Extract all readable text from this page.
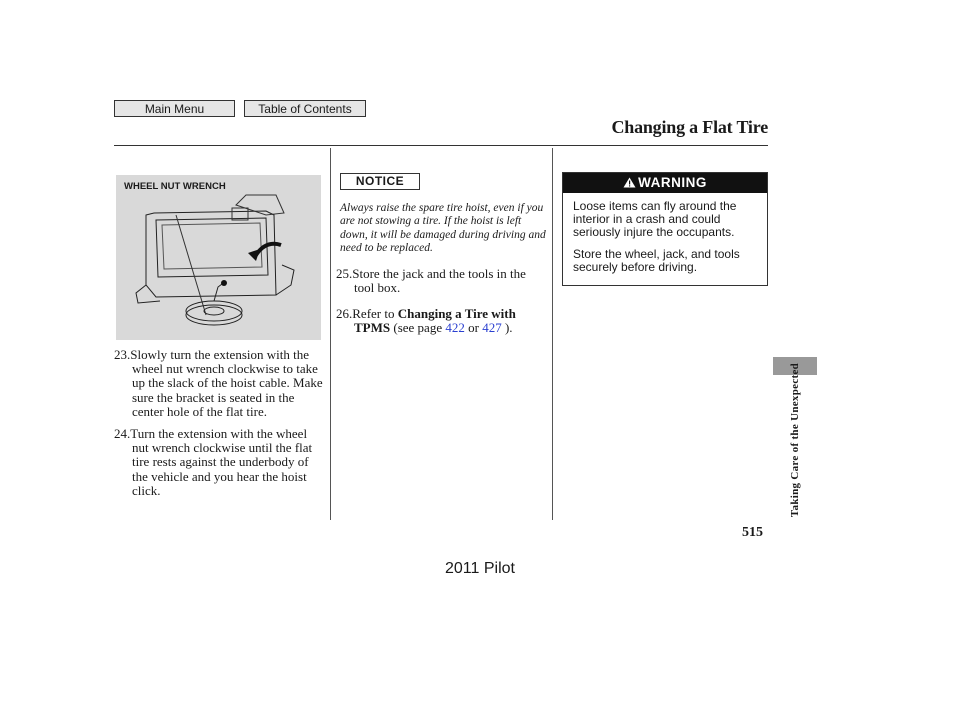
Main Menu	Table of Contents
Changing a Flat Tire
WHEEL NUT WRENCH
23.Slowly turn the extension with the wheel nut wrench clockwise to take up the slack of the hoist cable. Make sure the bracket is seated in the center hole of the flat tire.
24.Turn the extension with the wheel nut wrench clockwise until the flat tire rests against the underbody of the vehicle and you hear the hoist click.
NOTICE
Always raise the spare tire hoist, even if you are not stowing a tire. If the hoist is left down, it will be damaged during driving and need to be replaced.
25.Store the jack and the tools in the tool box.
26.Refer to Changing a Tire with TPMS (see page 422 or 427 ).
WARNING

Loose items can fly around the interior in a crash and could seriously injure the occupants.

Store the wheel, jack, and tools securely before driving.

Taking Care of the Unexpected
515
2011 Pilot
